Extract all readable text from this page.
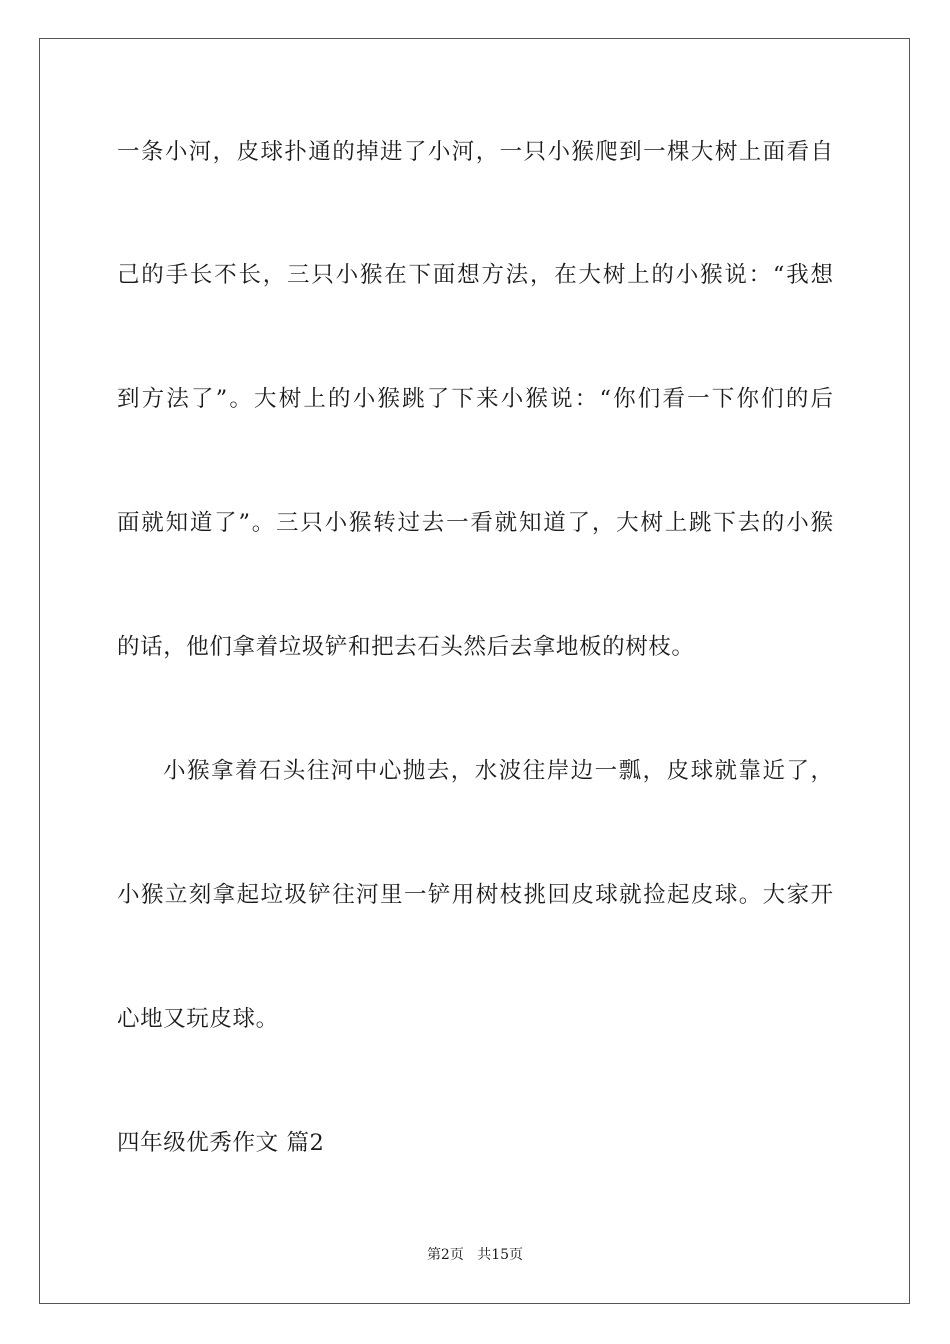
一条小河，皮球扑通的掉进了小河，一只小猴爬到一棵大树上面看自
己的手长不长，三只小猴在下面想方法，在大树上的小猴说：“我想
到方法了”。大树上的小猴跳了下来小猴说：“你们看一下你们的后
面就知道了”。三只小猴转过去一看就知道了，大树上跳下去的小猴
的话，他们拿着垃圾铲和把去石头然后去拿地板的树枝。
小猴拿着石头往河中心抛去，水波往岸边一瓢，皮球就靠近了，
小猴立刻拿起垃圾铲往河里一铲用树枝挑回皮球就捡起皮球。大家开
心地又玩皮球。
四年级优秀作文 篇2
第2页 共15页
